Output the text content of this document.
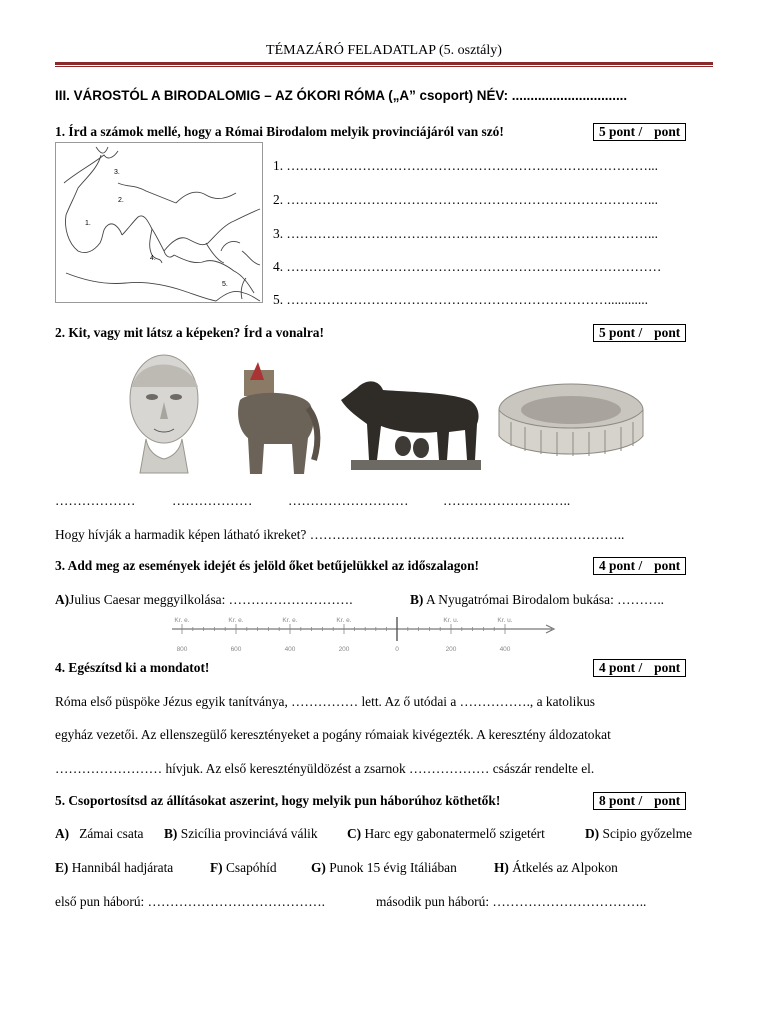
TÉMAZÁRÓ FELADATLAP (5. osztály)
III. VÁROSTÓL A BIRODALOMIG – AZ ÓKORI RÓMA („A” csoport) NÉV: ...............................
1. Írd a számok mellé, hogy a Római Birodalom melyik provinciájáról van szó!	5 pont / pont
1.
2.
3.
4.
5.
1. ………………………………………………………………………...
2. ………………………………………………………………………...
3. ………………………………………………………………………...
4. …………………………………………………………………………
5. ………………………………………………………………............
2. Kit, vagy mit látsz a képeken? Írd a vonalra!	5 pont / pont
………………	………………	………………………	………………………..
Hogy hívják a harmadik képen látható ikreket? ……………………………………………………………..
3. Add meg az események idejét és jelöld őket betűjelükkel az időszalagon!	4 pont / pont
A)Julius Caesar meggyilkolása: ……………………….	B) A Nyugatrómai Birodalom bukása: ………..
Kr. e.
800
Kr. e.
600
Kr. e.
400
Kr. e.
200	0
Kr. u.
200
Kr. u.
400
4. Egészítsd ki a mondatot!	4 pont / pont
Róma első püspöke Jézus egyik tanítványa, …………… lett. Az ő utódai a ……………., a katolikus
egyház vezetői. Az ellenszegülő keresztényeket a pogány rómaiak kivégezték. A keresztény áldozatokat
…………………… hívjuk. Az első keresztényüldözést a zsarnok ……………… császár rendelte el.
5. Csoportosítsd az állításokat aszerint, hogy melyik pun háborúhoz köthetők!	8 pont / pont
A) Zámai csata B) Szicília provinciává válik C) Harc egy gabonatermelő szigetért	D) Scipio győzelme
E) Hannibál hadjárata	F) Csapóhíd	G) Punok 15 évig Itáliában	H) Átkelés az Alpokon
első pun háború: ………………………………….	második pun háború: ……………………………..
